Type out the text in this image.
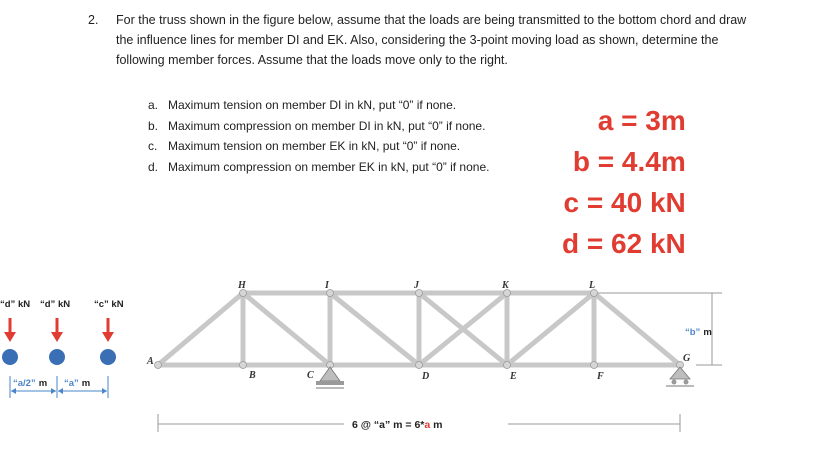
2. For the truss shown in the figure below, assume that the loads are being transmitted to the bottom chord and draw the influence lines for member DI and EK. Also, considering the 3-point moving load as shown, determine the following member forces. Assume that the loads move only to the right.
a. Maximum tension on member DI in kN, put “0” if none.
b. Maximum compression on member DI in kN, put “0” if none.
c. Maximum tension on member EK in kN, put “0” if none.
d. Maximum compression on member EK in kN, put “0” if none.
a = 3m
b = 4.4m
c = 40 kN
d = 62 kN
“d” kN “d” kN	“c” kN
“a/2” m “a” m
H	I	J	K	L
A
B	C	D	E	F
G
“b” m
6 @ “a” m = 6*a m
